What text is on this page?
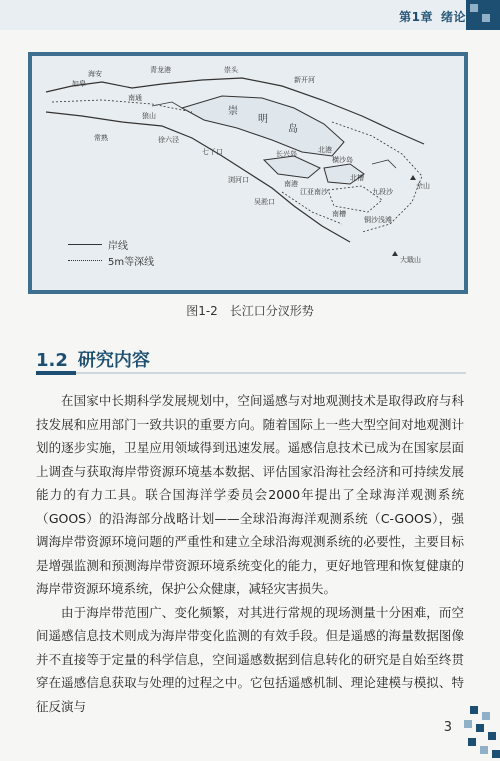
第1章 绪论
海安
如皋
青龙港	崇头
新开河
南通
狼山
常熟	徐六泾
崇
明
岛
七丫口
浏河口
吴淞口
长兴岛
横沙岛
九段沙
铜沙浅滩
佘山
大戢山
江亚南沙
北港
南港
北槽
南槽
岸线
5m等深线
图1-2　长江口分汊形势
1.2 研究内容

在国家中长期科学发展规划中，空间遥感与对地观测技术是取得政府与科技发展和应用部门一致共识的重要方向。随着国际上一些大型空间对地观测计划的逐步实施，卫星应用领域得到迅速发展。遥感信息技术已成为在国家层面上调查与获取海岸带资源环境基本数据、评估国家沿海社会经济和可持续发展能力的有力工具。联合国海洋学委员会2000年提出了全球海洋观测系统（GOOS）的沿海部分战略计划——全球沿海海洋观测系统（C-GOOS），强调海岸带资源环境问题的严重性和建立全球沿海观测系统的必要性，主要目标是增强监测和预测海岸带资源环境系统变化的能力，更好地管理和恢复健康的海岸带资源环境系统，保护公众健康，减轻灾害损失。

由于海岸带范围广、变化频繁，对其进行常规的现场测量十分困难，而空间遥感信息技术则成为海岸带变化监测的有效手段。但是遥感的海量数据图像并不直接等于定量的科学信息，空间遥感数据到信息转化的研究是自始至终贯穿在遥感信息获取与处理的过程之中。它包括遥感机制、理论建模与模拟、特征反演与

3
